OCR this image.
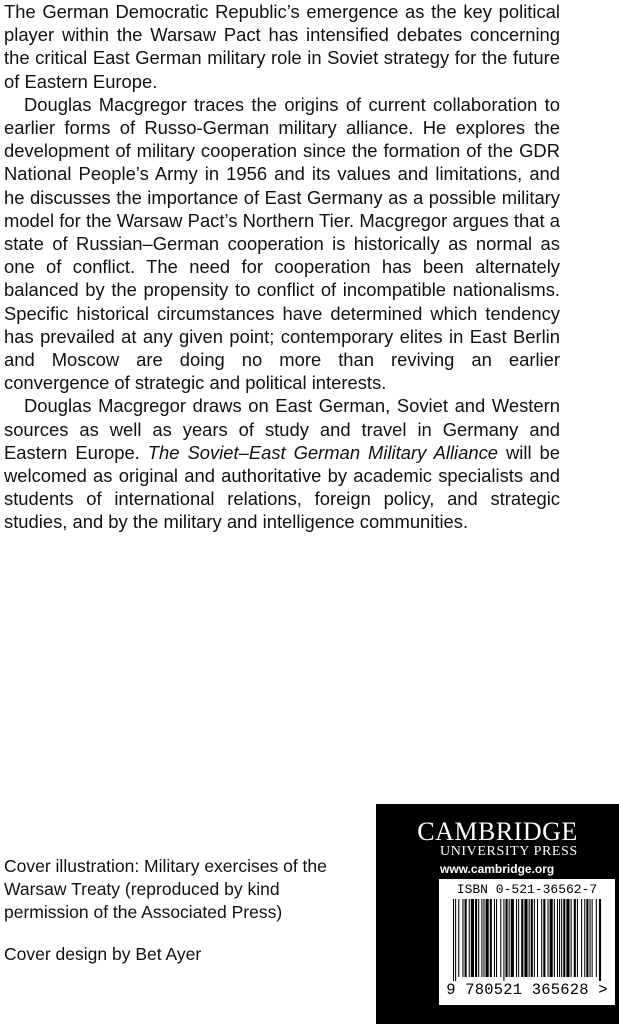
The German Democratic Republic’s emergence as the key political player within the Warsaw Pact has intensified debates concerning the critical East German military role in Soviet strategy for the future of Eastern Europe.

Douglas Macgregor traces the origins of current collaboration to earlier forms of Russo-German military alliance. He explores the development of military cooperation since the formation of the GDR National People’s Army in 1956 and its values and limitations, and he discusses the importance of East Germany as a possible military model for the Warsaw Pact’s Northern Tier. Macgregor argues that a state of Russian–German cooperation is historically as normal as one of conflict. The need for cooperation has been alternately balanced by the propensity to conflict of incompatible nationalisms. Specific historical circumstances have determined which tendency has prevailed at any given point; contemporary elites in East Berlin and Moscow are doing no more than reviving an earlier convergence of strategic and political interests.

Douglas Macgregor draws on East German, Soviet and Western sources as well as years of study and travel in Germany and Eastern Europe. The Soviet–East German Military Alliance will be welcomed as original and authoritative by academic specialists and students of international relations, foreign policy, and strategic studies, and by the military and intelligence communities.

Cover illustration: Military exercises of the Warsaw Treaty (reproduced by kind permission of the Associated Press)

Cover design by Bet Ayer

CAMBRIDGE
UNIVERSITY PRESS
www.cambridge.org
ISBN 0-521-36562-7
9 780521 365628 >
